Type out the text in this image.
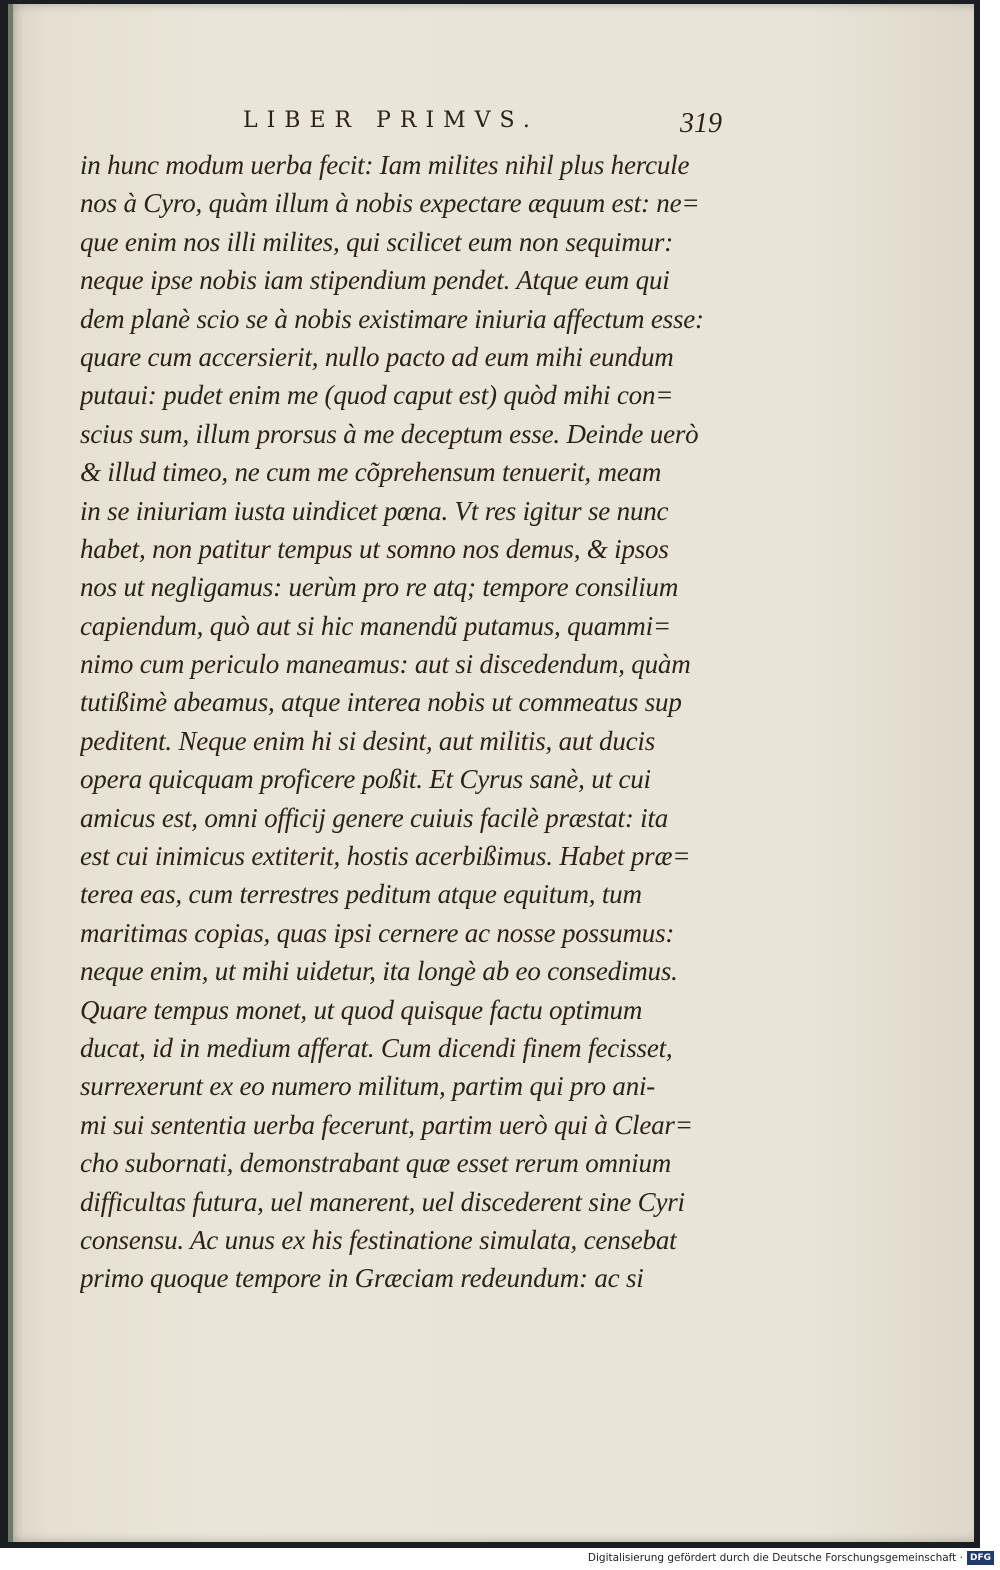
LIBER PRIMVS.	319
in hunc modum uerba fecit: Iam milites nihil plus hercule
nos à Cyro, quàm illum à nobis expectare æquum est: ne=
que enim nos illi milites, qui scilicet eum non sequimur:
neque ipse nobis iam stipendium pendet. Atque eum qui
dem planè scio se à nobis existimare iniuria affectum esse:
quare cum accersierit, nullo pacto ad eum mihi eundum
putaui: pudet enim me (quod caput est) quòd mihi con=
scius sum, illum prorsus à me deceptum esse. Deinde uerò
& illud timeo, ne cum me cõprehensum tenuerit, meam
in se iniuriam iusta uindicet pœna. Vt res igitur se nunc
habet, non patitur tempus ut somno nos demus, & ipsos
nos ut negligamus: uerùm pro re atq; tempore consilium
capiendum, quò aut si hic manendũ putamus, quammi=
nimo cum periculo maneamus: aut si discedendum, quàm
tutißimè abeamus, atque interea nobis ut commeatus sup
peditent. Neque enim hi si desint, aut militis, aut ducis
opera quicquam proficere poßit. Et Cyrus sanè, ut cui
amicus est, omni officij genere cuiuis facilè præstat: ita
est cui inimicus extiterit, hostis acerbißimus. Habet præ=
terea eas, cum terrestres peditum atque equitum, tum
maritimas copias, quas ipsi cernere ac nosse possumus:
neque enim, ut mihi uidetur, ita longè ab eo consedimus.
Quare tempus monet, ut quod quisque factu optimum
ducat, id in medium afferat. Cum dicendi finem fecisset,
surrexerunt ex eo numero militum, partim qui pro ani-
mi sui sententia uerba fecerunt, partim uerò qui à Clear=
cho subornati, demonstrabant quæ esset rerum omnium
difficultas futura, uel manerent, uel discederent sine Cyri
consensu. Ac unus ex his festinatione simulata, censebat
primo quoque tempore in Græciam redeundum: ac si
Digitalisierung gefördert durch die Deutsche Forschungsgemeinschaft · DFG
